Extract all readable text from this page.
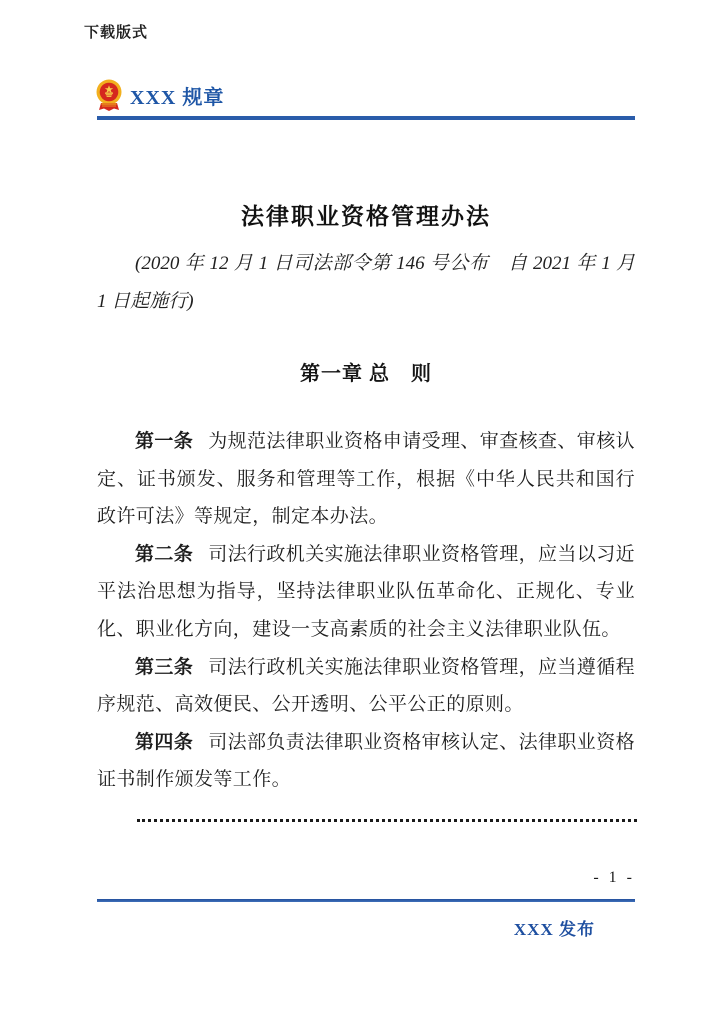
下载版式
XXX 规章
法律职业资格管理办法

(2020 年 12 月 1 日司法部令第 146 号公布　自 2021 年 1 月 1 日起施行)

第一章 总　则

第一条 为规范法律职业资格申请受理、审查核查、审核认定、证书颁发、服务和管理等工作，根据《中华人民共和国行政许可法》等规定，制定本办法。

第二条 司法行政机关实施法律职业资格管理，应当以习近平法治思想为指导，坚持法律职业队伍革命化、正规化、专业化、职业化方向，建设一支高素质的社会主义法律职业队伍。

第三条 司法行政机关实施法律职业资格管理，应当遵循程序规范、高效便民、公开透明、公平公正的原则。

第四条 司法部负责法律职业资格审核认定、法律职业资格证书制作颁发等工作。

- 1 -
XXX 发布
